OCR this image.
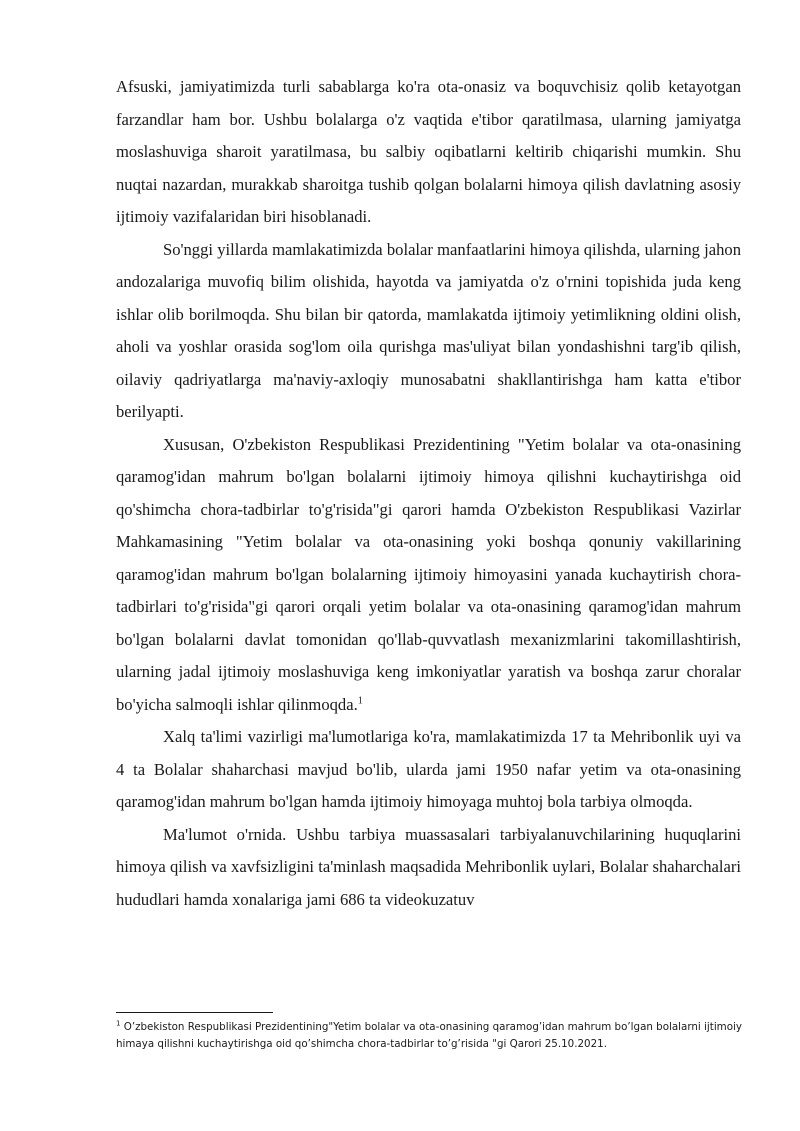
Afsuski, jamiyatimizda turli sabablarga ko'ra ota-onasiz va boquvchisiz qolib ketayotgan farzandlar ham bor. Ushbu bolalarga o'z vaqtida e'tibor qaratilmasa, ularning jamiyatga moslashuviga sharoit yaratilmasa, bu salbiy oqibatlarni keltirib chiqarishi mumkin. Shu nuqtai nazardan, murakkab sharoitga tushib qolgan bolalarni himoya qilish davlatning asosiy ijtimoiy vazifalaridan biri hisoblanadi.

So'nggi yillarda mamlakatimizda bolalar manfaatlarini himoya qilishda, ularning jahon andozalariga muvofiq bilim olishida, hayotda va jamiyatda o'z o'rnini topishida juda keng ishlar olib borilmoqda. Shu bilan bir qatorda, mamlakatda ijtimoiy yetimlikning oldini olish, aholi va yoshlar orasida sog'lom oila qurishga mas'uliyat bilan yondashishni targ'ib qilish, oilaviy qadriyatlarga ma'naviy-axloqiy munosabatni shakllantirishga ham katta e'tibor berilyapti.

Xususan, O'zbekiston Respublikasi Prezidentining "Yetim bolalar va ota-onasining qaramog'idan mahrum bo'lgan bolalarni ijtimoiy himoya qilishni kuchaytirishga oid qo'shimcha chora-tadbirlar to'g'risida"gi qarori hamda O'zbekiston Respublikasi Vazirlar Mahkamasining "Yetim bolalar va ota-onasining yoki boshqa qonuniy vakillarining qaramog'idan mahrum bo'lgan bolalarning ijtimoiy himoyasini yanada kuchaytirish chora-tadbirlari to'g'risida"gi qarori orqali yetim bolalar va ota-onasining qaramog'idan mahrum bo'lgan bolalarni davlat tomonidan qo'llab-quvvatlash mexanizmlarini takomillashtirish, ularning jadal ijtimoiy moslashuviga keng imkoniyatlar yaratish va boshqa zarur choralar bo'yicha salmoqli ishlar qilinmoqda.$^1$

Xalq ta'limi vazirligi ma'lumotlariga ko'ra, mamlakatimizda 17 ta Mehribonlik uyi va 4 ta Bolalar shaharchasi mavjud bo'lib, ularda jami 1950 nafar yetim va ota-onasining qaramog'idan mahrum bo'lgan hamda ijtimoiy himoyaga muhtoj bola tarbiya olmoqda.

Ma'lumot o'rnida. Ushbu tarbiya muassasalari tarbiyalanuvchilarining huquqlarini himoya qilish va xavfsizligini ta'minlash maqsadida Mehribonlik uylari, Bolalar shaharchalari hududlari hamda xonalariga jami 686 ta videokuzatuv

$^1$ O’zbekiston Respublikasi Prezidentining"Yetim bolalar va ota-onasining qaramog’idan mahrum bo’lgan bolalarni ijtimoiy himaya qilishni kuchaytirishga oid qo’shimcha chora-tadbirlar to’g’risida "gi Qarori 25.10.2021.
